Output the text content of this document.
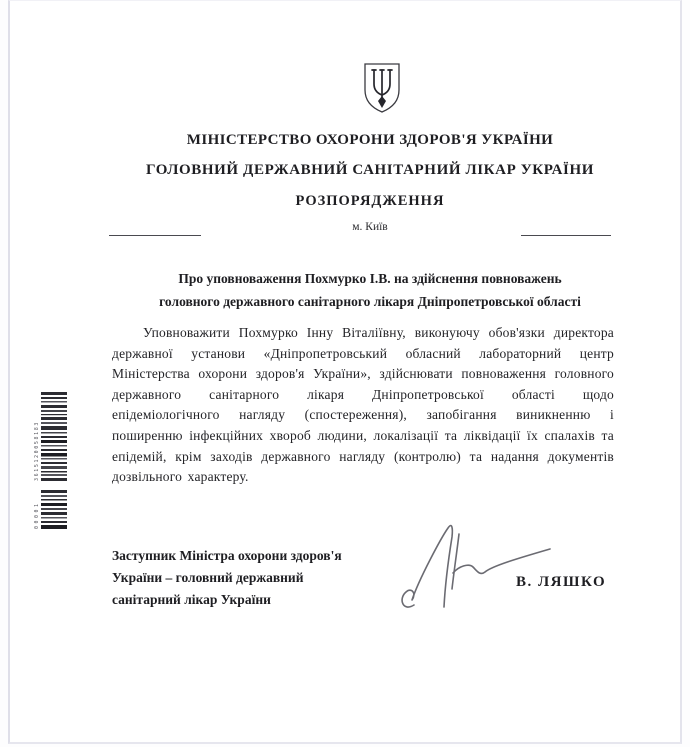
МІНІСТЕРСТВО ОХОРОНИ ЗДОРОВ'Я УКРАЇНИ
ГОЛОВНИЙ ДЕРЖАВНИЙ САНІТАРНИЙ ЛІКАР УКРАЇНИ
РОЗПОРЯДЖЕННЯ
м. Київ
Про уповноваження Похмурко І.В. на здійснення повноважень
головного державного санітарного лікаря Дніпропетровської області

Уповноважити Похмурко Інну Віталіївну, виконуючу обов'язки директора державної установи «Дніпропетровський обласний лабораторний центр Міністерства охорони здоров'я України», здійснювати повноваження головного державного санітарного лікаря Дніпропетровської області щодо епідеміологічного нагляду (спостереження), запобігання виникненню і поширенню інфекційних хвороб людини, локалізації та ліквідації їх спалахів та епідемій, крім заходів державного нагляду (контролю) та надання документів дозвільного характеру.

Заступник Міністра охорони здоров'я
України – головний державний
санітарний лікар України
В. ЛЯШКО
3615120058183
00001
